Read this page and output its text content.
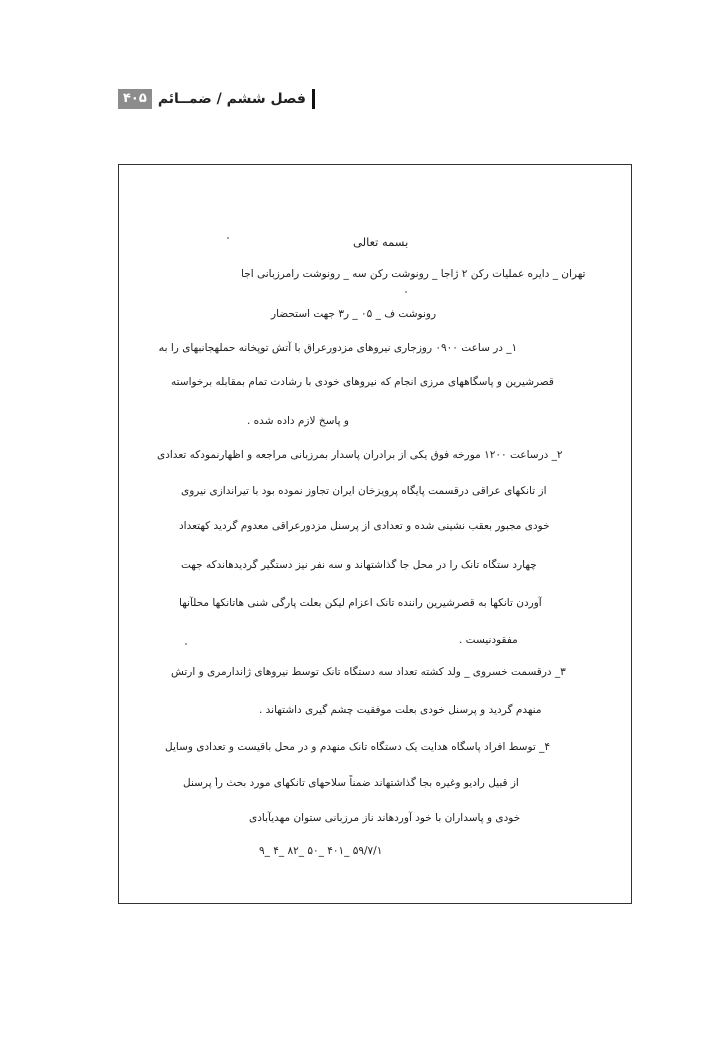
۴۰۵ فصل ششم / ضمــائم
بسمه تعالی
تهران _ دایره عملیات رکن ۲ ژاجا _ رونوشت رکن سه _ رونوشت رامرزبانی اجا
رونوشت ف _ ۰۵ _ ر۳ جهت استحضار
۱_ در ساعت ۰۹۰۰ روزجاری نیروهای مزدورعراق با آتش توپخانه حملهجانبهای را به
قصرشیرین و پاسگاههای مرزی انجام که نیروهای خودی با رشادت تمام بمقابله برخواسته
و پاسخ لازم داده شده .
۲_ درساعت ۱۲۰۰ مورخه فوق یکی از برادران پاسدار بمرزبانی مراجعه و اظهارنمودکه تعدادی
از تانکهای عراقی درقسمت پایگاه پرویزخان ایران تجاوز نموده بود با تیراندازی نیروی
خودی مجبور بعقب نشینی شده و تعدادی از پرسنل مزدورعراقی معدوم گردید کهتعداد
چهارد ستگاه تانک را در محل جا گذاشتهاند و سه نفر نیز دستگیر گردیدهاندکه جهت
آوردن تانکها به قصرشیرین راننده تانک اعزام لیکن بعلت پارگی شنی هاتانکها محلآنها
مفقودنیست .
۳_ درقسمت خسروی _ ولد کشته تعداد سه دستگاه تانک توسط نیروهای ژاندارمری و ارتش
منهدم گردید و پرسنل خودی بعلت موفقیت چشم گیری داشتهاند .
۴_ توسط افراد پاسگاه هدایت یک دستگاه تانک منهدم و در محل باقیست و تعدادی وسایل
از قبیل رادیو وغیره بجا گذاشتهاند ضمناً سلاحهای تانکهای مورد بحث را پرسنل
خودی و پاسداران با خود آوردهاند ناز مرزبانی ستوان مهدیآبادی
۹_ ۴_ ۸۲_ ۵۰_ ۴۰۱_ ۵۹/۷/۱
